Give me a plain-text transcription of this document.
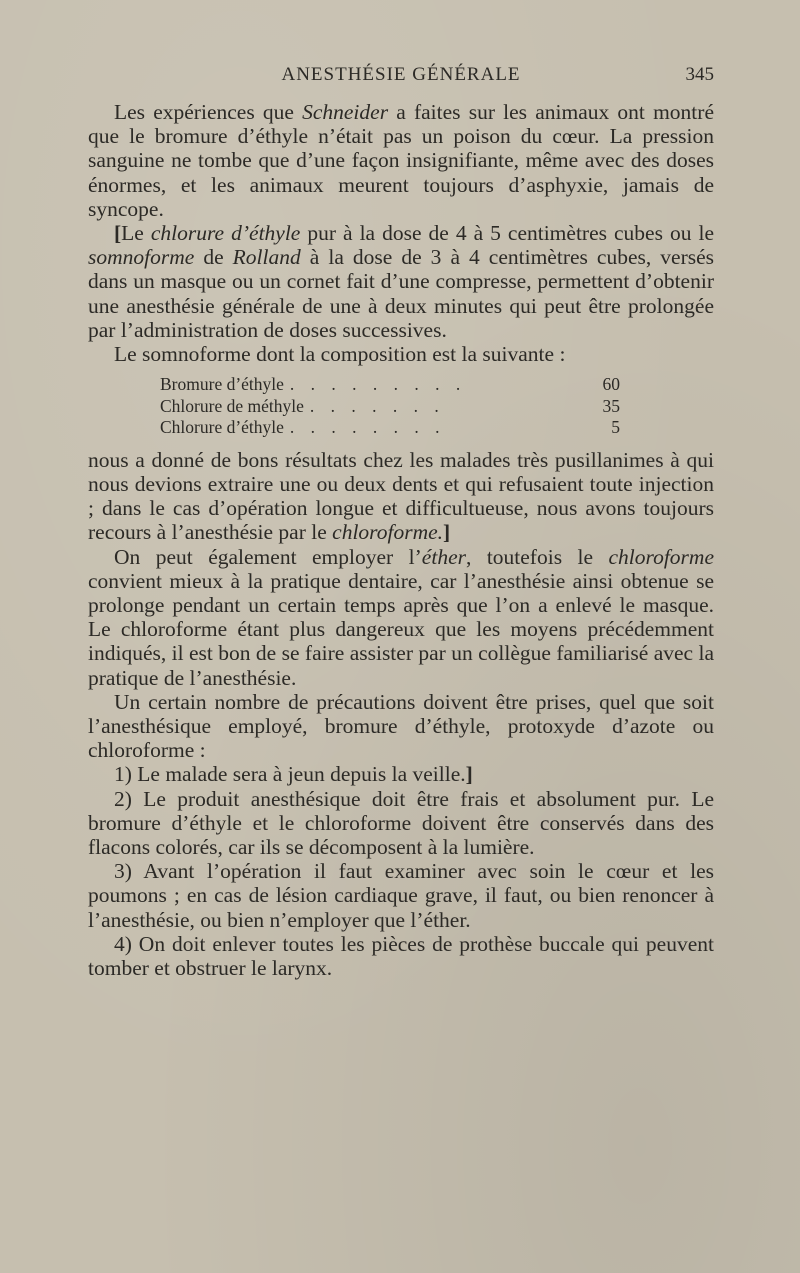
ANESTHÉSIE GÉNÉRALE	345

Les expériences que Schneider a faites sur les animaux ont montré que le bromure d’éthyle n’était pas un poison du cœur. La pression sanguine ne tombe que d’une façon insignifiante, même avec des doses énormes, et les animaux meurent toujours d’asphyxie, jamais de syncope.

[Le chlorure d’éthyle pur à la dose de 4 à 5 centimètres cubes ou le somnoforme de Rolland à la dose de 3 à 4 centimètres cubes, versés dans un masque ou un cornet fait d’une compresse, permettent d’obtenir une anesthésie générale de une à deux minutes qui peut être prolongée par l’administration de doses successives.

Le somnoforme dont la composition est la suivante :

Bromure d’éthyle . . . . . . . . .	60
Chlorure de méthyle . . . . . . .	35
Chlorure d’éthyle . . . . . . . .	5

nous a donné de bons résultats chez les malades très pusillanimes à qui nous devions extraire une ou deux dents et qui refusaient toute injection ; dans le cas d’opération longue et difficultueuse, nous avons toujours recours à l’anesthésie par le chloroforme.]

On peut également employer l’éther, toutefois le chloroforme convient mieux à la pratique dentaire, car l’anesthésie ainsi obtenue se prolonge pendant un certain temps après que l’on a enlevé le masque. Le chloroforme étant plus dangereux que les moyens précédemment indiqués, il est bon de se faire assister par un collègue familiarisé avec la pratique de l’anesthésie.

Un certain nombre de précautions doivent être prises, quel que soit l’anesthésique employé, bromure d’éthyle, protoxyde d’azote ou chloroforme :

1) Le malade sera à jeun depuis la veille.]

2) Le produit anesthésique doit être frais et absolument pur. Le bromure d’éthyle et le chloroforme doivent être conservés dans des flacons colorés, car ils se décomposent à la lumière.

3) Avant l’opération il faut examiner avec soin le cœur et les poumons ; en cas de lésion cardiaque grave, il faut, ou bien renoncer à l’anesthésie, ou bien n’employer que l’éther.

4) On doit enlever toutes les pièces de prothèse buccale qui peuvent tomber et obstruer le larynx.
